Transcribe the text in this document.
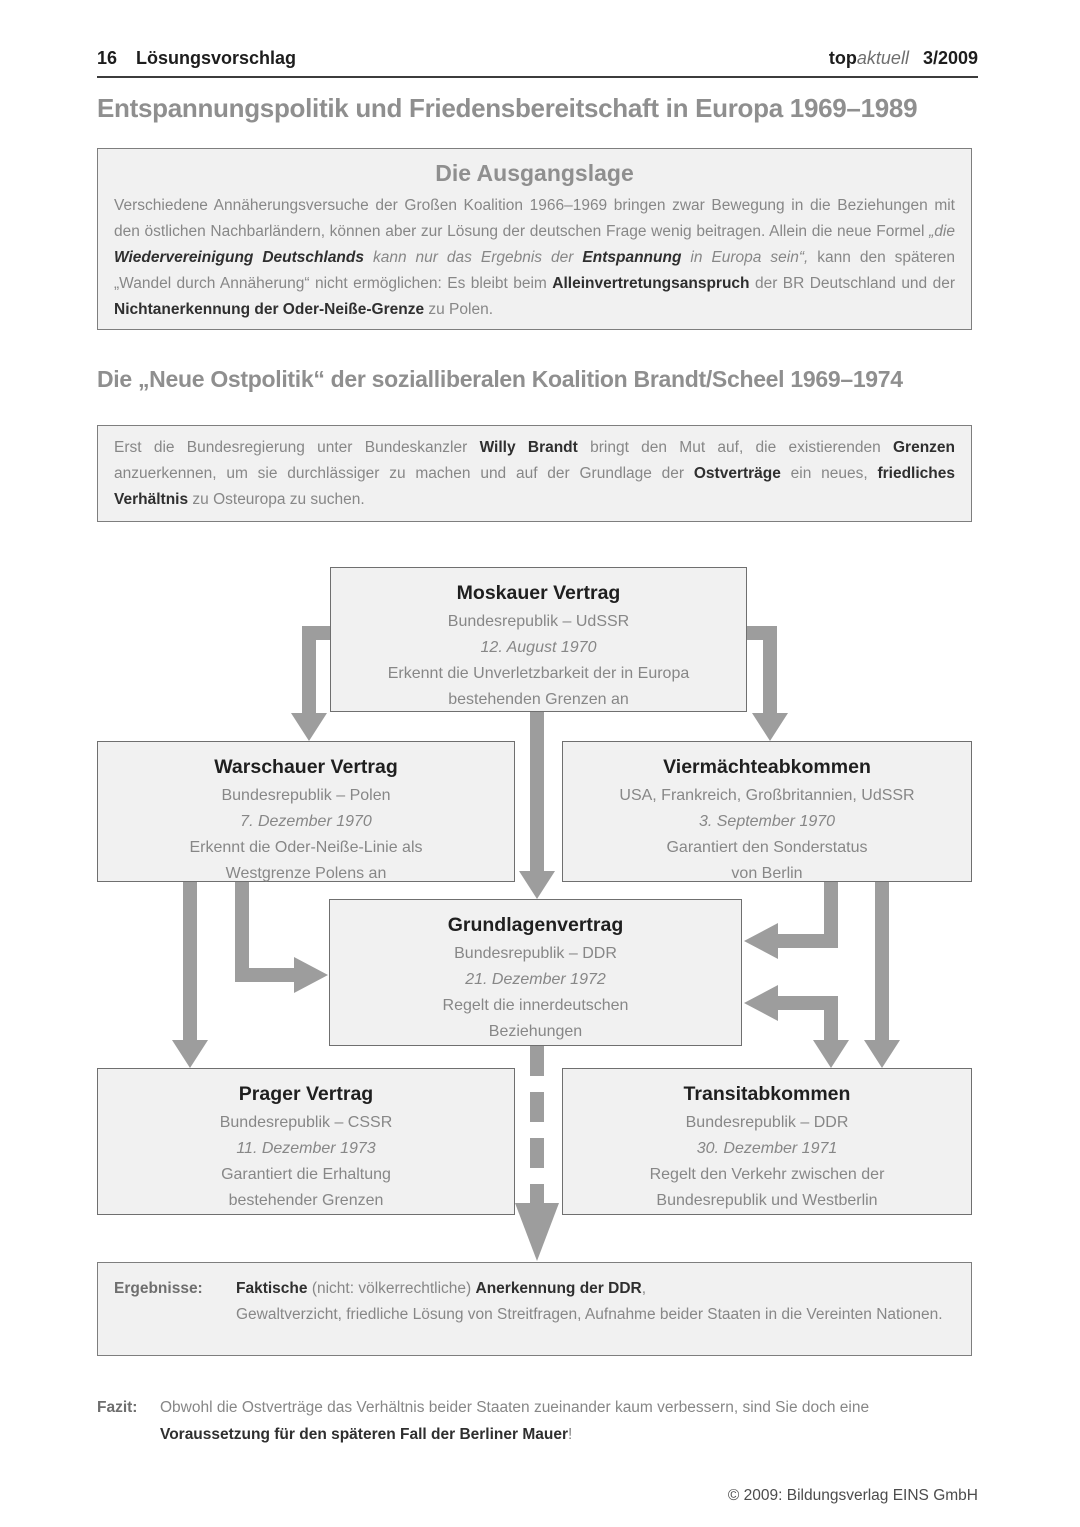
16 Lösungsvorschlag	topaktuell 3/2009
Entspannungspolitik und Friedensbereitschaft in Europa 1969–1989
Die Ausgangslage
Verschiedene Annäherungsversuche der Großen Koalition 1966–1969 bringen zwar Bewegung in die Beziehungen mit den östlichen Nachbarländern, können aber zur Lösung der deutschen Frage wenig beitragen. Allein die neue Formel „die Wiedervereinigung Deutschlands kann nur das Ergebnis der Entspannung in Europa sein“, kann den späteren „Wandel durch Annäherung“ nicht ermöglichen: Es bleibt beim Alleinvertretungsanspruch der BR Deutschland und der Nichtanerkennung der Oder-Neiße-Grenze zu Polen.
Die „Neue Ostpolitik“ der sozialliberalen Koalition Brandt/Scheel 1969–1974
Erst die Bundesregierung unter Bundeskanzler Willy Brandt bringt den Mut auf, die existierenden Grenzen anzuerkennen, um sie durchlässiger zu machen und auf der Grundlage der Ostverträge ein neues, friedliches Verhältnis zu Osteuropa zu suchen.
Moskauer Vertrag
Bundesrepublik – UdSSR
12. August 1970
Erkennt die Unverletzbarkeit der in Europa bestehenden Grenzen an
Warschauer Vertrag
Bundesrepublik – Polen
7. Dezember 1970
Erkennt die Oder-Neiße-Linie als Westgrenze Polens an
Viermächteabkommen
USA, Frankreich, Großbritannien, UdSSR
3. September 1970
Garantiert den Sonderstatus von Berlin
Grundlagenvertrag
Bundesrepublik – DDR
21. Dezember 1972
Regelt die innerdeutschen Beziehungen
Prager Vertrag
Bundesrepublik – CSSR
11. Dezember 1973
Garantiert die Erhaltung bestehender Grenzen
Transitabkommen
Bundesrepublik – DDR
30. Dezember 1971
Regelt den Verkehr zwischen der Bundesrepublik und Westberlin
Ergebnisse:	Faktische (nicht: völkerrechtliche) Anerkennung der DDR,
Gewaltverzicht, friedliche Lösung von Streitfragen, Aufnahme beider Staaten in die Vereinten Nationen.
Fazit:	Obwohl die Ostverträge das Verhältnis beider Staaten zueinander kaum verbessern, sind Sie doch eine Voraussetzung für den späteren Fall der Berliner Mauer!
© 2009: Bildungsverlag EINS GmbH
